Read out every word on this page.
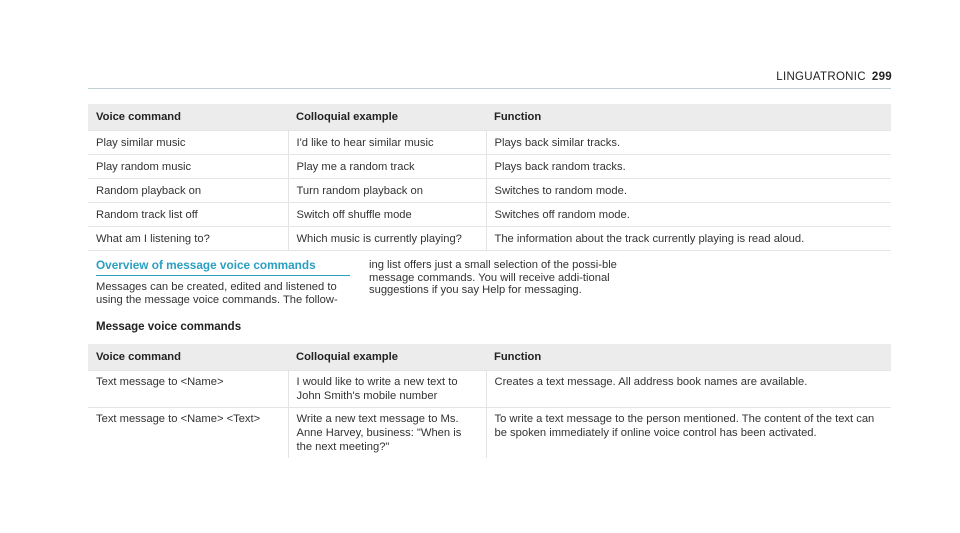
LINGUATRONIC 299
Voice command	Colloquial example	Function
Play similar music	I'd like to hear similar music	Plays back similar tracks.
Play random music	Play me a random track	Plays back random tracks.
Random playback on	Turn random playback on	Switches to random mode.
Random track list off	Switch off shuffle mode	Switches off random mode.
What am I listening to?	Which music is currently playing?	The information about the track currently playing is read aloud.
Overview of message voice commands
Messages can be created, edited and listened to using the message voice commands. The follow-
ing list offers just a small selection of the possi-ble message commands. You will receive addi-tional suggestions if you say Help for messaging.
Message voice commands
Voice command	Colloquial example	Function
Text message to <Name>	I would like to write a new text to John Smith's mobile number	Creates a text message. All address book names are available.
Text message to <Name> <Text>	Write a new text message to Ms. Anne Harvey, business: "When is the next meeting?"	To write a text message to the person mentioned. The content of the text can be spoken immediately if online voice control has been activated.
